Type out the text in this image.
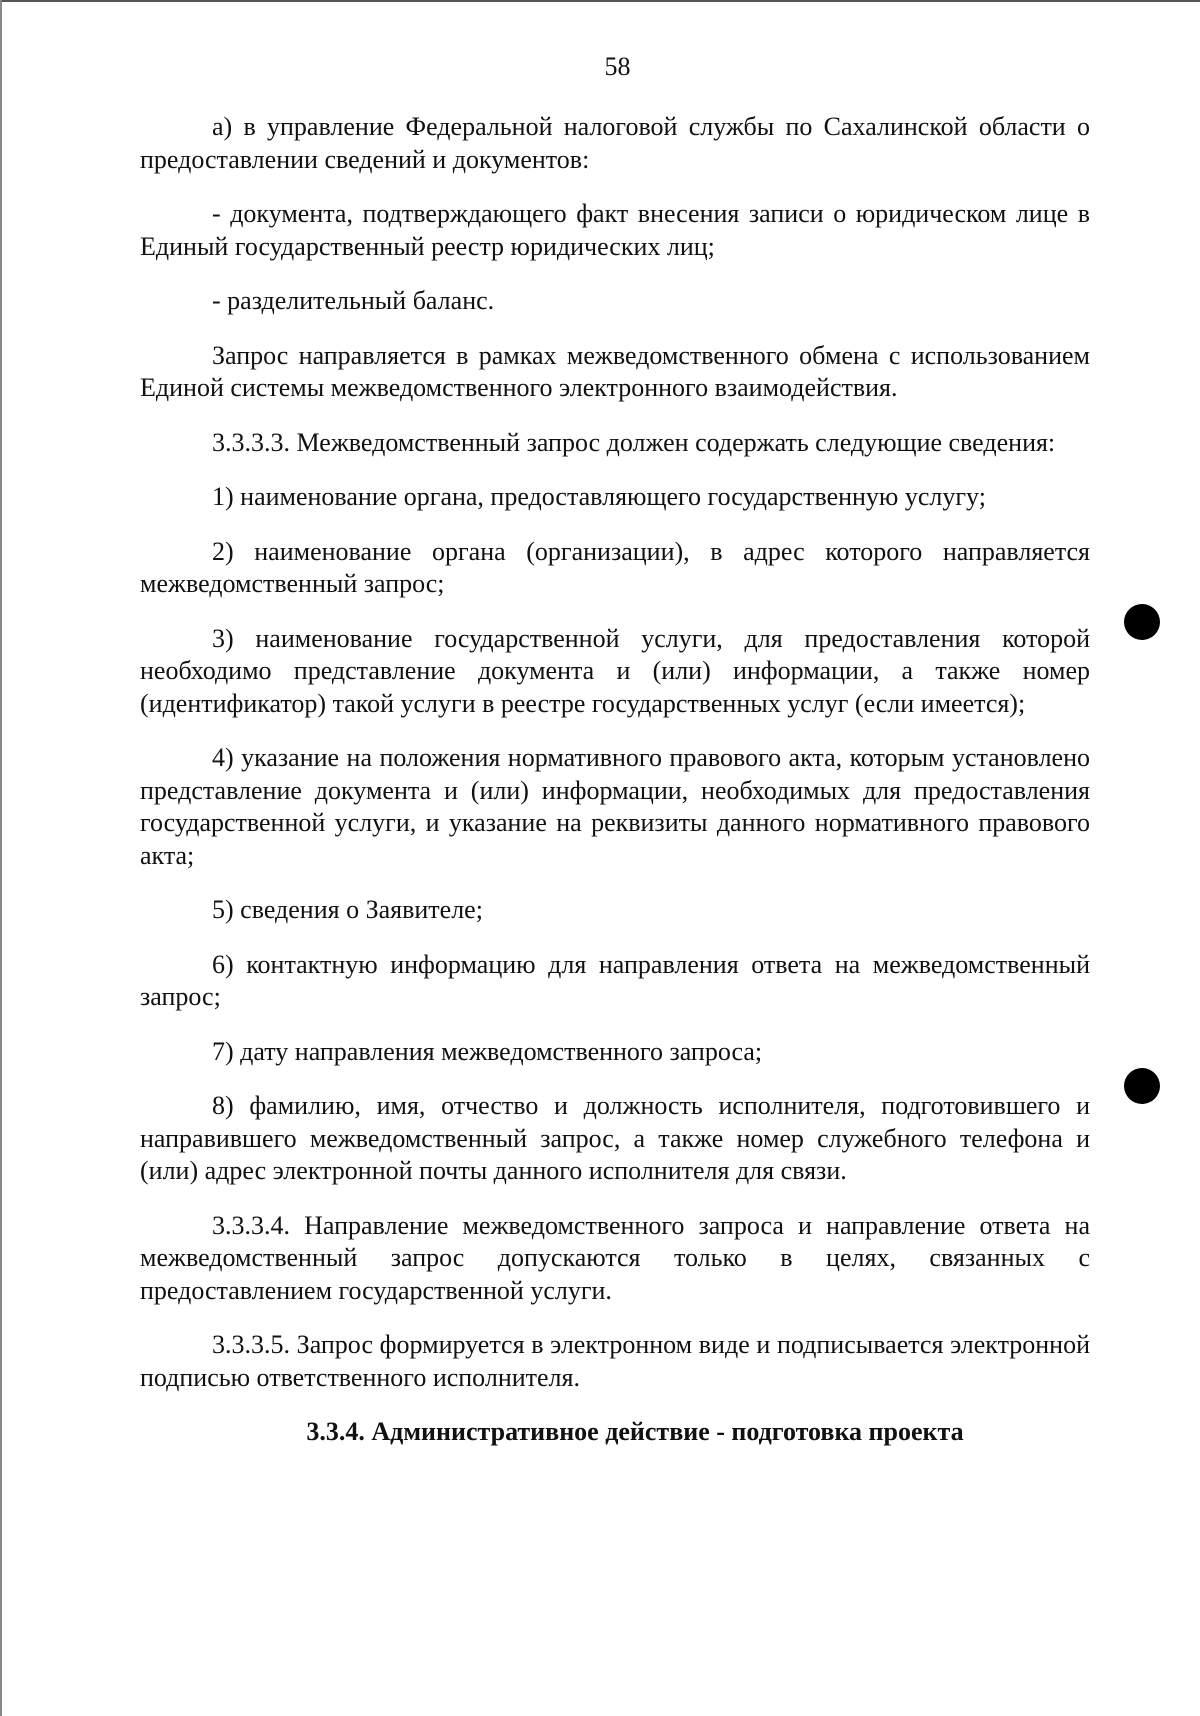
58

а) в управление Федеральной налоговой службы по Сахалинской области о предоставлении сведений и документов:

- документа, подтверждающего факт внесения записи о юридическом лице в Единый государственный реестр юридических лиц;

- разделительный баланс.

Запрос направляется в рамках межведомственного обмена с использованием Единой системы межведомственного электронного взаимодействия.

3.3.3.3. Межведомственный запрос должен содержать следующие сведения:

1) наименование органа, предоставляющего государственную услугу;

2) наименование органа (организации), в адрес которого направляется межведомственный запрос;

3) наименование государственной услуги, для предоставления которой необходимо представление документа и (или) информации, а также номер (идентификатор) такой услуги в реестре государственных услуг (если имеется);

4) указание на положения нормативного правового акта, которым установлено представление документа и (или) информации, необходимых для предоставления государственной услуги, и указание на реквизиты данного нормативного правового акта;

5) сведения о Заявителе;

6) контактную информацию для направления ответа на межведомственный запрос;

7) дату направления межведомственного запроса;

8) фамилию, имя, отчество и должность исполнителя, подготовившего и направившего межведомственный запрос, а также номер служебного телефона и (или) адрес электронной почты данного исполнителя для связи.

3.3.3.4. Направление межведомственного запроса и направление ответа на межведомственный запрос допускаются только в целях, связанных с предоставлением государственной услуги.

3.3.3.5. Запрос формируется в электронном виде и подписывается электронной подписью ответственного исполнителя.

3.3.4. Административное действие - подготовка проекта
